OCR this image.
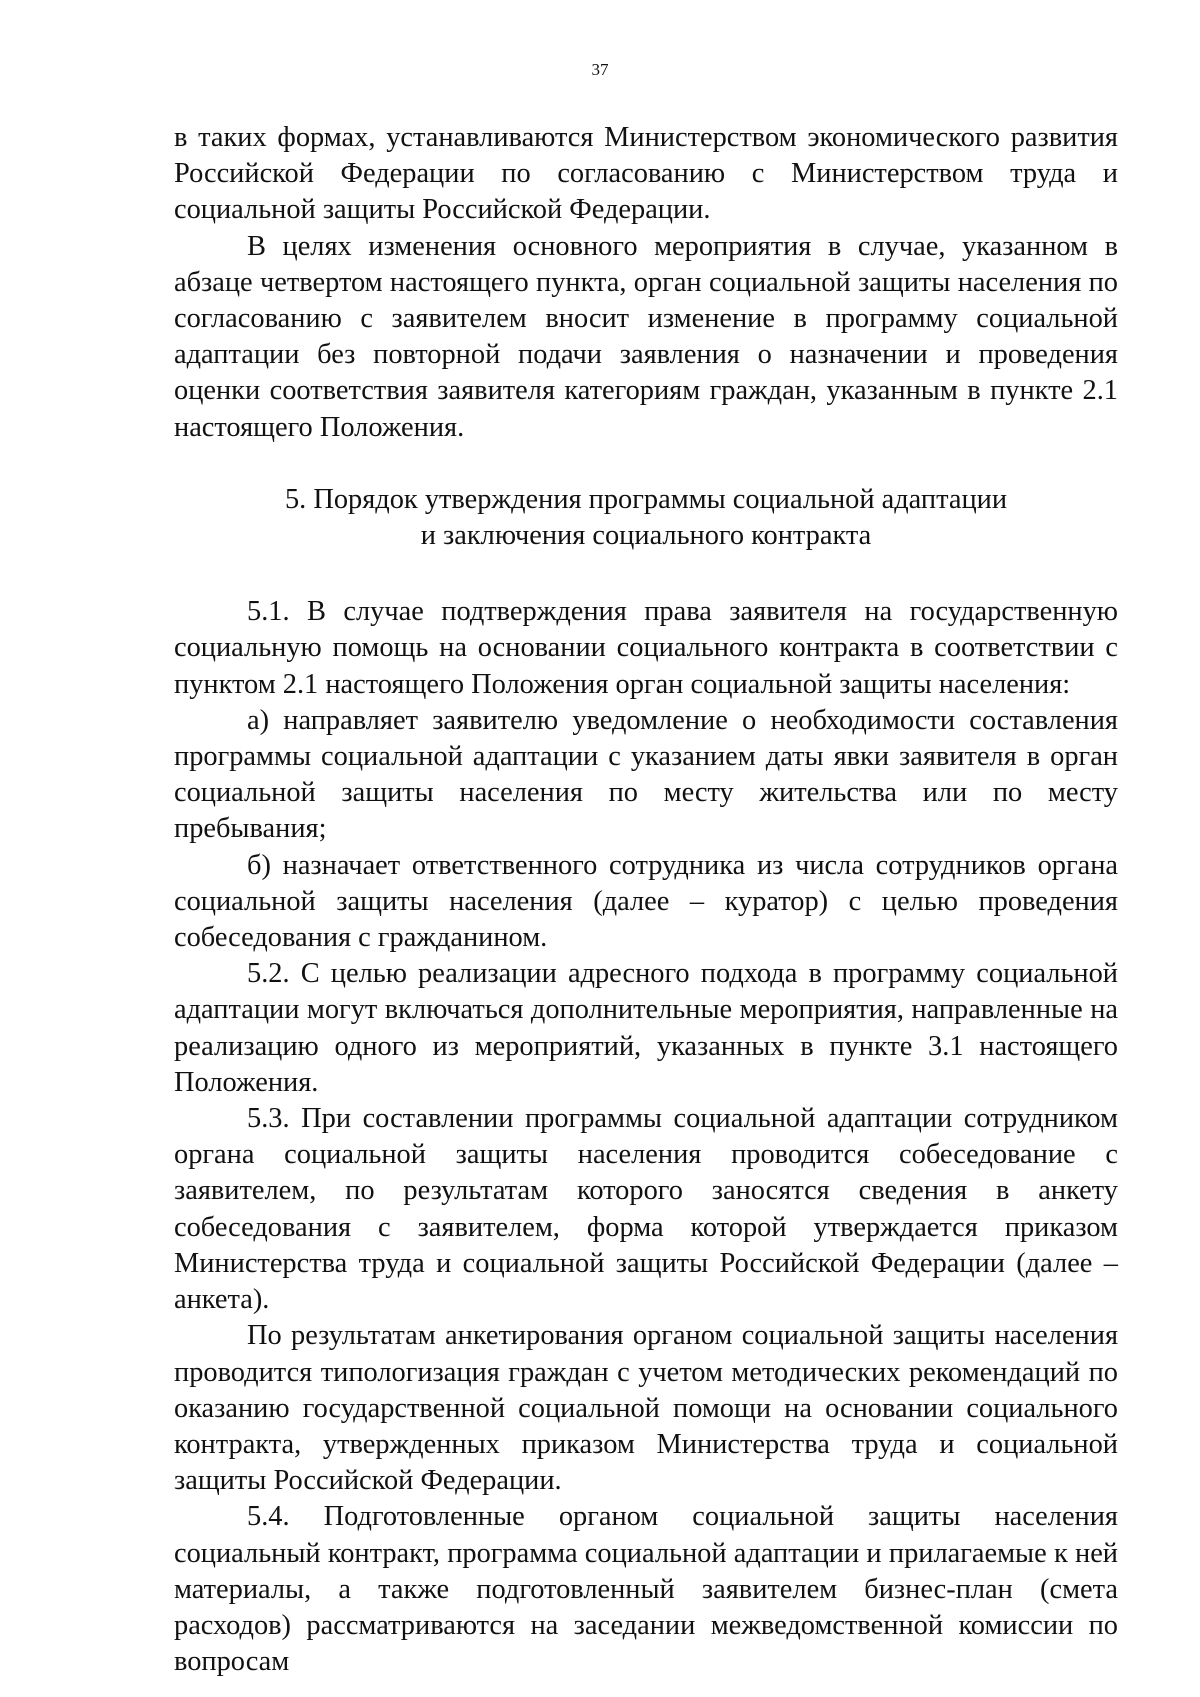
37

в таких формах, устанавливаются Министерством экономического развития Российской Федерации по согласованию с Министерством труда и социальной защиты Российской Федерации.

В целях изменения основного мероприятия в случае, указанном в абзаце четвертом настоящего пункта, орган социальной защиты населения по согласованию с заявителем вносит изменение в программу социальной адаптации без повторной подачи заявления о назначении и проведения оценки соответствия заявителя категориям граждан, указанным в пункте 2.1 настоящего Положения.

5. Порядок утверждения программы социальной адаптации
и заключения социального контракта

5.1. В случае подтверждения права заявителя на государственную социальную помощь на основании социального контракта в соответствии с пунктом 2.1 настоящего Положения орган социальной защиты населения:

а) направляет заявителю уведомление о необходимости составления программы социальной адаптации с указанием даты явки заявителя в орган социальной защиты населения по месту жительства или по месту пребывания;

б) назначает ответственного сотрудника из числа сотрудников органа социальной защиты населения (далее – куратор) с целью проведения собеседования с гражданином.

5.2. С целью реализации адресного подхода в программу социальной адаптации могут включаться дополнительные мероприятия, направленные на реализацию одного из мероприятий, указанных в пункте 3.1 настоящего Положения.

5.3. При составлении программы социальной адаптации сотрудником органа социальной защиты населения проводится собеседование с заявителем, по результатам которого заносятся сведения в анкету собеседования с заявителем, форма которой утверждается приказом Министерства труда и социальной защиты Российской Федерации (далее – анкета).

По результатам анкетирования органом социальной защиты населения проводится типологизация граждан с учетом методических рекомендаций по оказанию государственной социальной помощи на основании социального контракта, утвержденных приказом Министерства труда и социальной защиты Российской Федерации.

5.4. Подготовленные органом социальной защиты населения социальный контракт, программа социальной адаптации и прилагаемые к ней материалы, а также подготовленный заявителем бизнес-план (смета расходов) рассматриваются на заседании межведомственной комиссии по вопросам
